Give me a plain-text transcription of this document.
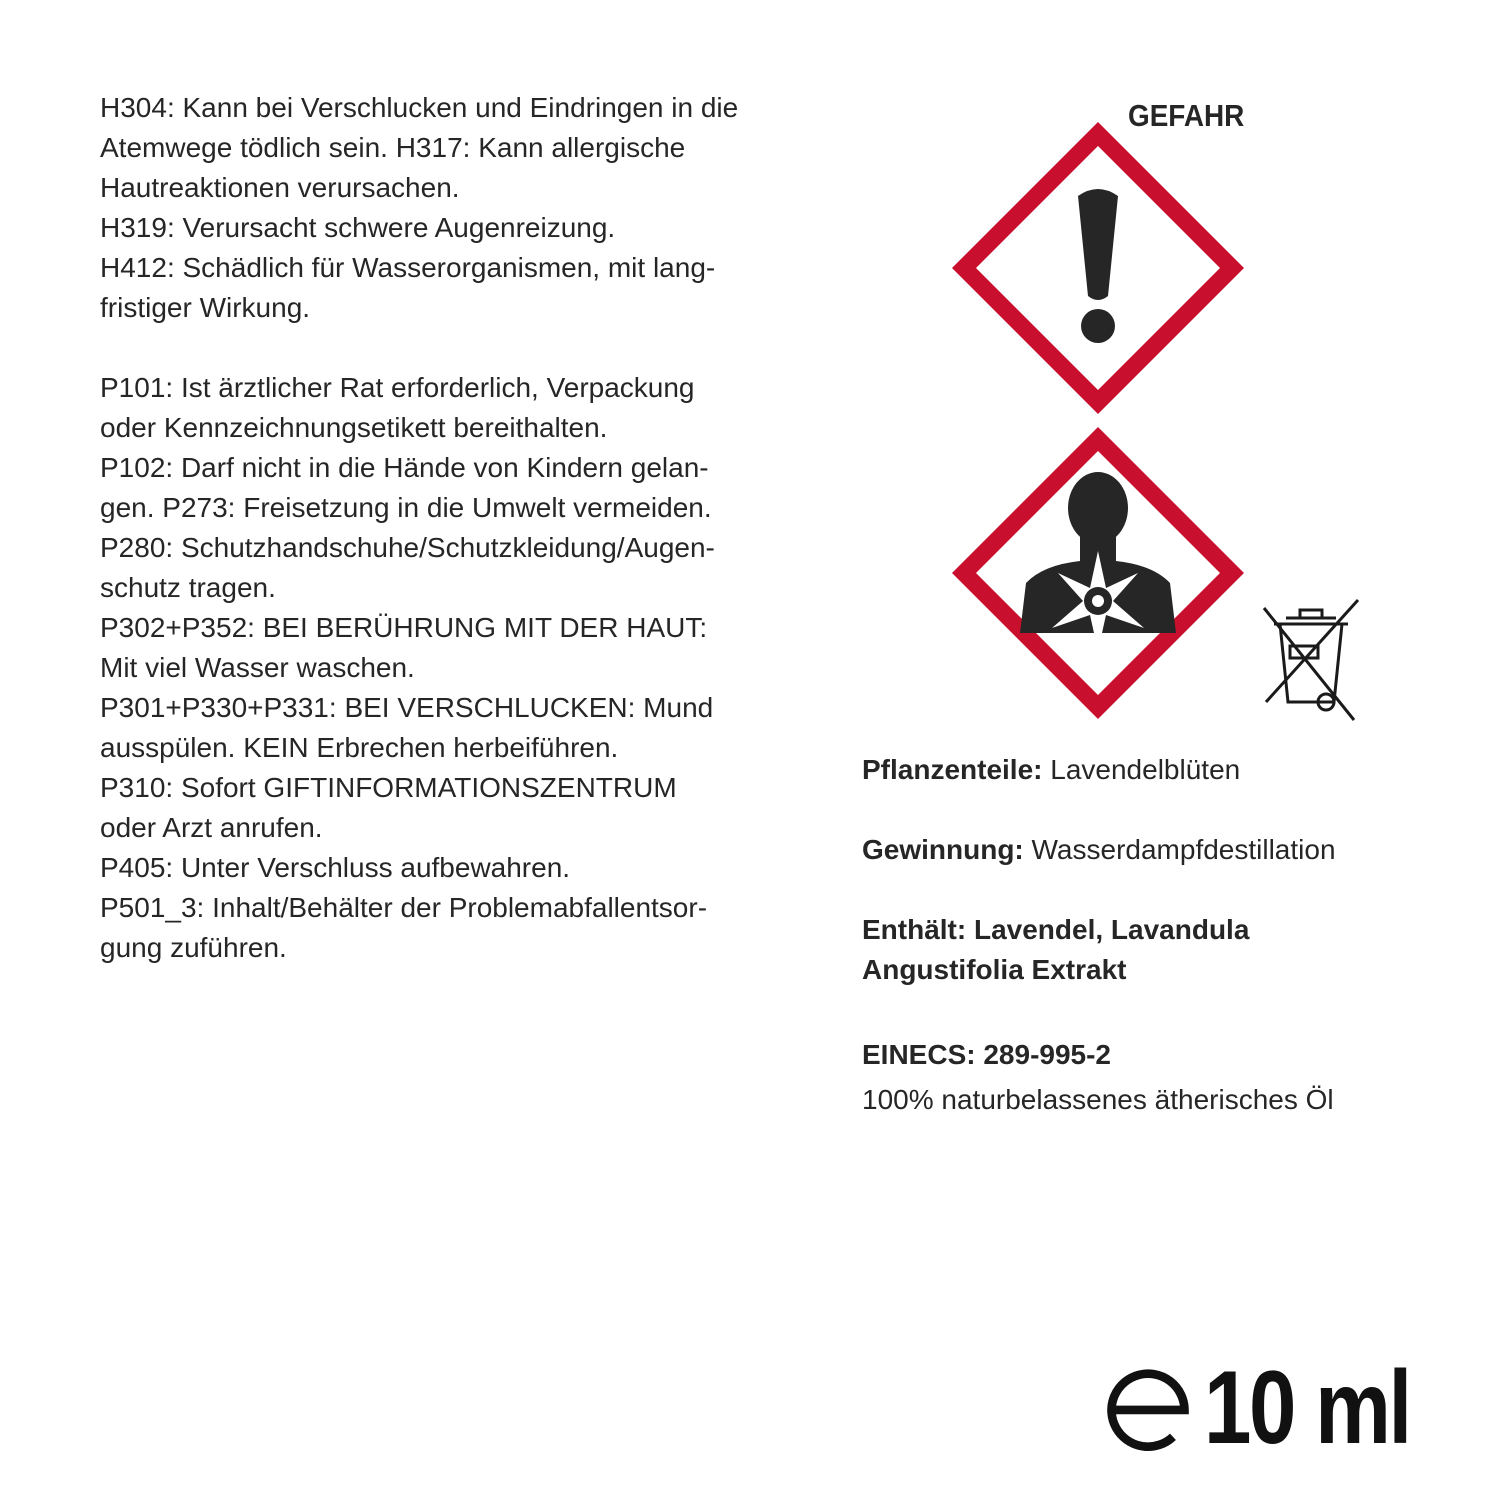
H304: Kann bei Verschlucken und Eindringen in die
Atemwege tödlich sein. H317: Kann allergische
Hautreaktionen verursachen.

H319: Verursacht schwere Augenreizung.

H412: Schädlich für Wasserorganismen, mit lang-
fristiger Wirkung.

P101: Ist ärztlicher Rat erforderlich, Verpackung
oder Kennzeichnungsetikett bereithalten.

P102: Darf nicht in die Hände von Kindern gelan-
gen. P273: Freisetzung in die Umwelt vermeiden.

P280: Schutzhandschuhe/Schutzkleidung/Augen-
schutz tragen.

P302+P352: BEI BERÜHRUNG MIT DER HAUT:
Mit viel Wasser waschen.

P301+P330+P331: BEI VERSCHLUCKEN: Mund
ausspülen. KEIN Erbrechen herbeiführen.

P310: Sofort GIFTINFORMATIONSZENTRUM
oder Arzt anrufen.

P405: Unter Verschluss aufbewahren.

P501_3: Inhalt/Behälter der Problemabfallentsor-
gung zuführen.

GEFAHR

Pflanzenteile: Lavendelblüten

Gewinnung: Wasserdampfdestillation

Enthält: Lavendel, Lavandula Angustifolia Extrakt

EINECS: 289-995-2

100% naturbelassenes ätherisches Öl

10 ml
